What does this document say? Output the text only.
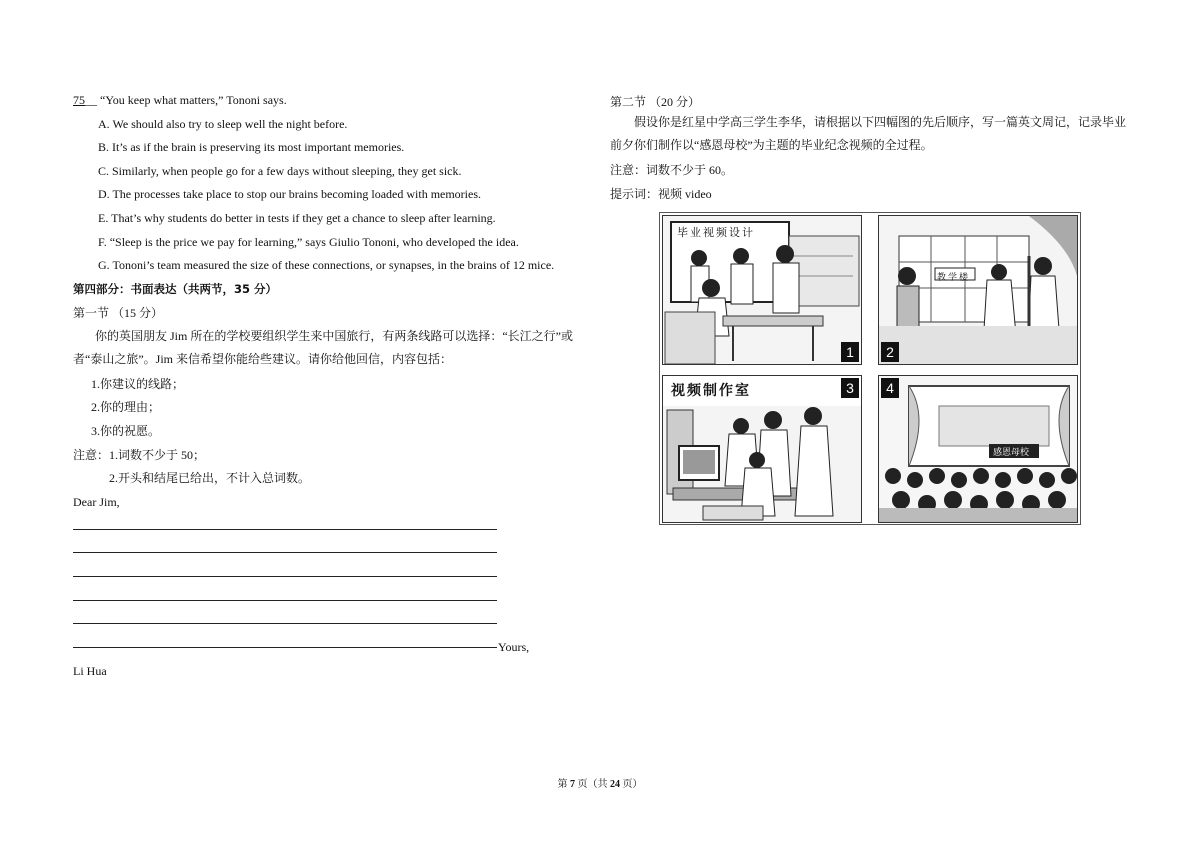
75__ “You keep what matters,” Tononi says.
A. We should also try to sleep well the night before.
B. It’s as if the brain is preserving its most important memories.
C. Similarly, when people go for a few days without sleeping, they get sick.
D. The processes take place to stop our brains becoming loaded with memories.
E. That’s why students do better in tests if they get a chance to sleep after learning.
F. “Sleep is the price we pay for learning,” says Giulio Tononi, who developed the idea.
G. Tononi’s team measured the size of these connections, or synapses, in the brains of 12 mice.
第四部分：书面表达（共两节，35 分）
第一节 （15 分）
你的英国朋友 Jim 所在的学校要组织学生来中国旅行，有两条线路可以选择：“长江之行”或者“泰山之旅”。Jim 来信希望你能给些建议。请你给他回信，内容包括：
1.你建议的线路；
2.你的理由；
3.你的祝愿。
注意：1.词数不少于 50；
2.开头和结尾已给出，不计入总词数。
Dear Jim,
Yours,
Li Hua
第二节 （20 分）
假设你是红星中学高三学生李华，请根据以下四幅图的先后顺序，写一篇英文周记，记录毕业前夕你们制作以“感恩母校”为主题的毕业纪念视频的全过程。
注意：词数不少于 60。
提示词：视频 video
毕业视频设计
1
教学楼
2
视频制作室	3
感恩母校
4
第 7 页（共 24 页）
